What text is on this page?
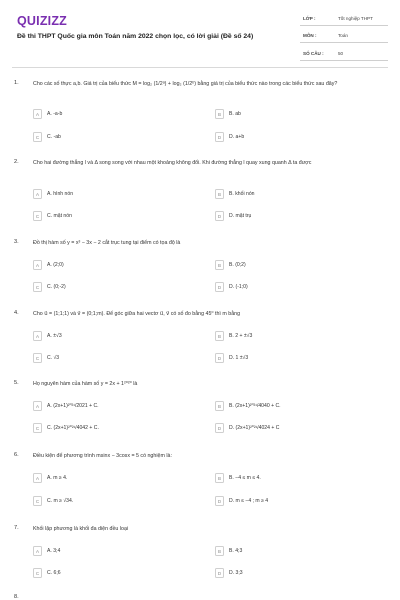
QUIZIZZ
Đề thi THPT Quốc gia môn Toán năm 2022 chọn lọc, có lời giải (Đề số 24)
LỚP :	Tốt nghiệp THPT
MÔN :	Toán
SỐ CÂU :	50
1.	Cho các số thực a,b. Giá trị của biểu thức M = log₂ (1/2ᵃ) + log₂ (1/2ᵇ) bằng giá trị của biểu thức nào trong các biểu thức sau đây?
A	A. -a-b	B	B. ab
C	C. -ab	D	D. a+b
2.	Cho hai đường thẳng l và Δ song song với nhau một khoảng không đổi. Khi đường thẳng l quay xung quanh Δ ta được
A	A. hình nón	B	B. khối nón
C	C. mặt nón	D	D. mặt trụ
3.	Đồ thị hàm số y = x³ − 3x − 2 cắt trục tung tại điểm có tọa độ là
A	A. (2;0)	B	B. (0;2)
C	C. (0;-2)	D	D. (-1;0)
4.	Cho u⃗ = (1;1;1) và v⃗ = (0;1;m). Để góc giữa hai vectơ u⃗, v⃗ có số đo bằng 45⁰ thì m bằng
A	A. ±√3	B	B. 2 + ±√3
C	C. √3	D	D. 1 ±√3
5.	Họ nguyên hàm của hàm số y = 2x + 1²⁰²⁰ là
A	A. (2x+1)²⁰²¹/2021 + C.	B	B. (2x+1)²⁰²¹/4040 + C.
C	C. (2x+1)²⁰²¹/4042 + C.	D	D. (2x+1)²⁰²¹/4024 + C
6.	Điều kiện để phương trình msinx − 3cosx = 5 có nghiệm là:
A	A. m ≥ 4.	B	B. −4 ≤ m ≤ 4.
C	C. m ≥ √34.	D	D. m ≤ −4 ; m ≥ 4
7.	Khối lập phương là khối đa diện đều loại
A	A. 3;4	B	B. 4;3
C	C. 6;6	D	D. 3;3
8.
